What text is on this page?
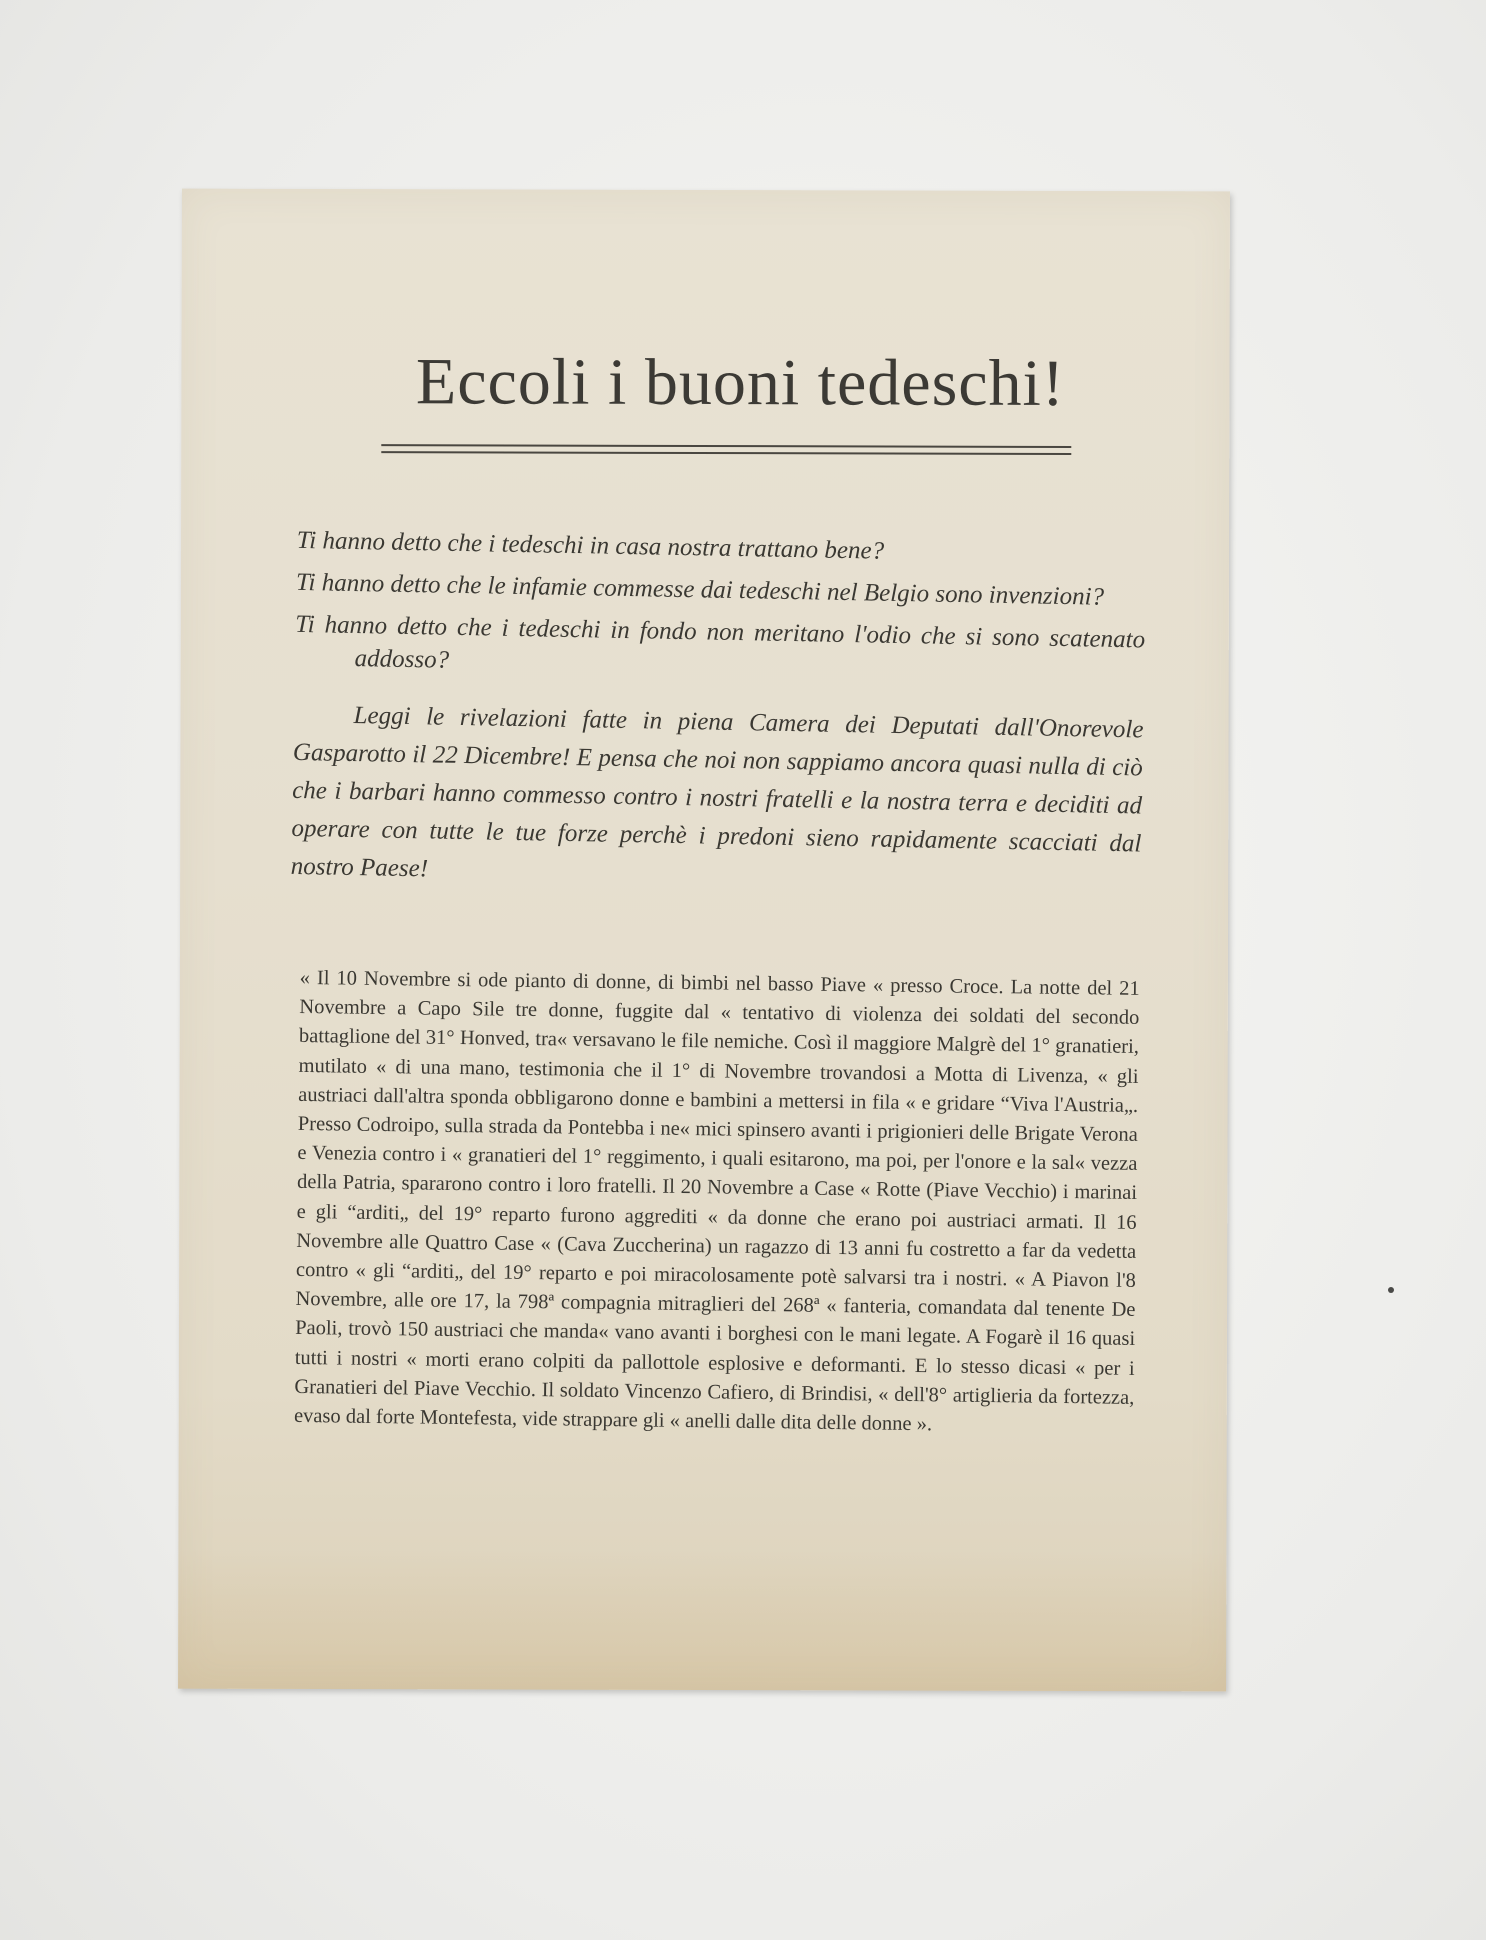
Eccoli i buoni tedeschi!

Ti hanno detto che i tedeschi in casa nostra trattano bene?

Ti hanno detto che le infamie commesse dai tedeschi nel Belgio sono invenzioni?

Ti hanno detto che i tedeschi in fondo non meritano l'odio che si sono scatenato addosso?

Leggi le rivelazioni fatte in piena Camera dei Deputati dall'Onorevole Gasparotto il 22 Dicembre! E pensa che noi non sappiamo ancora quasi nulla di ciò che i barbari hanno commesso contro i nostri fratelli e la nostra terra e deciditi ad operare con tutte le tue forze perchè i predoni sieno rapidamente scacciati dal nostro Paese!

« Il 10 Novembre si ode pianto di donne, di bimbi nel basso Piave « presso Croce. La notte del 21 Novembre a Capo Sile tre donne, fuggite dal « tentativo di violenza dei soldati del secondo battaglione del 31° Honved, tra« versavano le file nemiche. Così il maggiore Malgrè del 1° granatieri, mutilato « di una mano, testimonia che il 1° di Novembre trovandosi a Motta di Livenza, « gli austriaci dall'altra sponda obbligarono donne e bambini a mettersi in fila « e gridare “Viva l'Austria„. Presso Codroipo, sulla strada da Pontebba i ne« mici spinsero avanti i prigionieri delle Brigate Verona e Venezia contro i « granatieri del 1° reggimento, i quali esitarono, ma poi, per l'onore e la sal« vezza della Patria, spararono contro i loro fratelli. Il 20 Novembre a Case « Rotte (Piave Vecchio) i marinai e gli “arditi„ del 19° reparto furono aggrediti « da donne che erano poi austriaci armati. Il 16 Novembre alle Quattro Case « (Cava Zuccherina) un ragazzo di 13 anni fu costretto a far da vedetta contro « gli “arditi„ del 19° reparto e poi miracolosamente potè salvarsi tra i nostri. « A Piavon l'8 Novembre, alle ore 17, la 798ª compagnia mitraglieri del 268ª « fanteria, comandata dal tenente De Paoli, trovò 150 austriaci che manda« vano avanti i borghesi con le mani legate. A Fogarè il 16 quasi tutti i nostri « morti erano colpiti da pallottole esplosive e deformanti. E lo stesso dicasi « per i Granatieri del Piave Vecchio. Il soldato Vincenzo Cafiero, di Brindisi, « dell'8° artiglieria da fortezza, evaso dal forte Montefesta, vide strappare gli « anelli dalle dita delle donne ».
